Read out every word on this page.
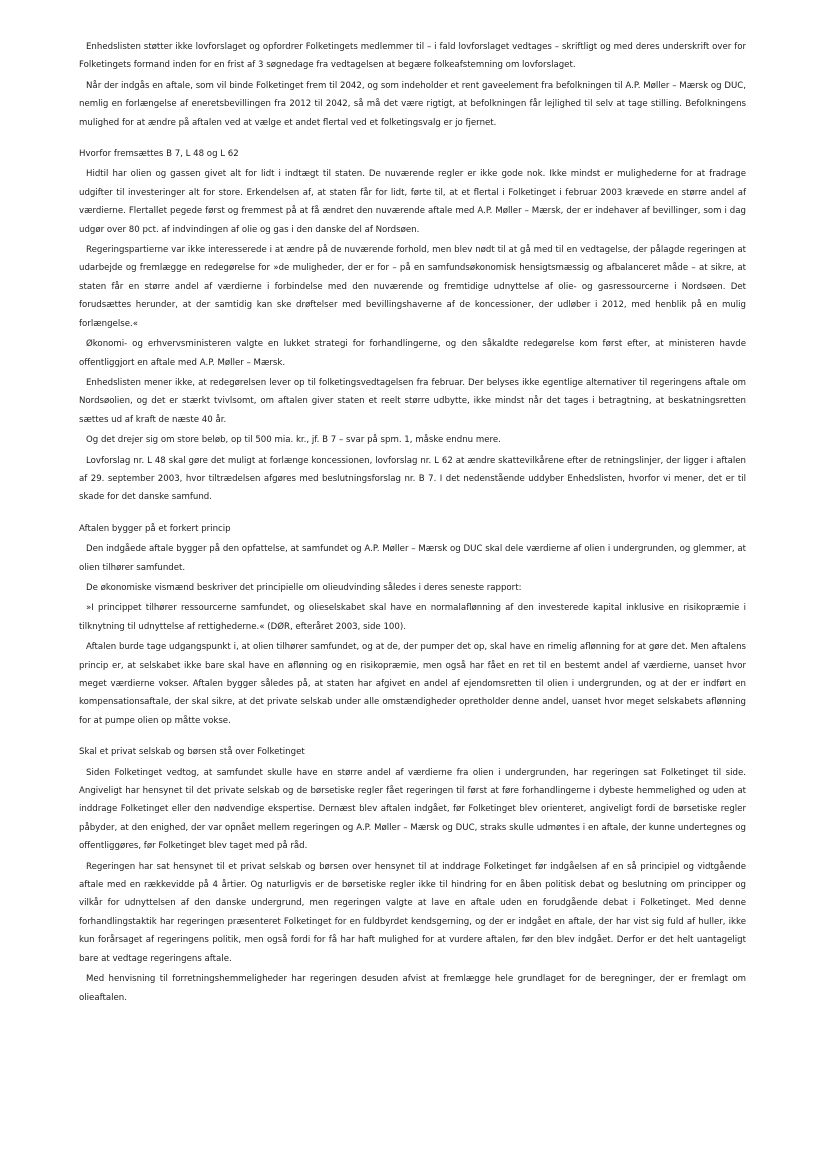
Enhedslisten støtter ikke lovforslaget og opfordrer Folketingets medlemmer til – i fald lovforslaget vedtages – skriftligt og med deres underskrift over for Folketingets formand inden for en frist af 3 søgnedage fra vedtagelsen at begære folkeafstemning om lovforslaget.

Når der indgås en aftale, som vil binde Folketinget frem til 2042, og som indeholder et rent gaveelement fra befolkningen til A.P. Møller – Mærsk og DUC, nemlig en forlængelse af eneretsbevillingen fra 2012 til 2042, så må det være rigtigt, at befolkningen får lejlighed til selv at tage stilling. Befolkningens mulighed for at ændre på aftalen ved at vælge et andet flertal ved et folketingsvalg er jo fjernet.

Hvorfor fremsættes B 7, L 48 og L 62

Hidtil har olien og gassen givet alt for lidt i indtægt til staten. De nuværende regler er ikke gode nok. Ikke mindst er mulighederne for at fradrage udgifter til investeringer alt for store. Erkendelsen af, at staten får for lidt, førte til, at et flertal i Folketinget i februar 2003 krævede en større andel af værdierne. Flertallet pegede først og fremmest på at få ændret den nuværende aftale med A.P. Møller – Mærsk, der er indehaver af bevillinger, som i dag udgør over 80 pct. af indvindingen af olie og gas i den danske del af Nordsøen.

Regeringspartierne var ikke interesserede i at ændre på de nuværende forhold, men blev nødt til at gå med til en vedtagelse, der pålagde regeringen at udarbejde og fremlægge en redegørelse for »de muligheder, der er for – på en samfundsøkonomisk hensigtsmæssig og afbalanceret måde – at sikre, at staten får en større andel af værdierne i forbindelse med den nuværende og fremtidige udnyttelse af olie- og gasressourcerne i Nordsøen. Det forudsættes herunder, at der samtidig kan ske drøftelser med bevillingshaverne af de koncessioner, der udløber i 2012, med henblik på en mulig forlængelse.«

Økonomi- og erhvervsministeren valgte en lukket strategi for forhandlingerne, og den såkaldte redegørelse kom først efter, at ministeren havde offentliggjort en aftale med A.P. Møller – Mærsk.

Enhedslisten mener ikke, at redegørelsen lever op til folketingsvedtagelsen fra februar. Der belyses ikke egentlige alternativer til regeringens aftale om Nordsøolien, og det er stærkt tvivlsomt, om aftalen giver staten et reelt større udbytte, ikke mindst når det tages i betragtning, at beskatningsretten sættes ud af kraft de næste 40 år.

Og det drejer sig om store beløb, op til 500 mia. kr., jf. B 7 – svar på spm. 1, måske endnu mere.

Lovforslag nr. L 48 skal gøre det muligt at forlænge koncessionen, lovforslag nr. L 62 at ændre skattevilkårene efter de retningslinjer, der ligger i aftalen af 29. september 2003, hvor tiltrædelsen afgøres med beslutningsforslag nr. B 7. I det nedenstående uddyber Enhedslisten, hvorfor vi mener, det er til skade for det danske samfund.

Aftalen bygger på et forkert princip

Den indgåede aftale bygger på den opfattelse, at samfundet og A.P. Møller – Mærsk og DUC skal dele værdierne af olien i undergrunden, og glemmer, at olien tilhører samfundet.

De økonomiske vismænd beskriver det principielle om olieudvinding således i deres seneste rapport:

»I princippet tilhører ressourcerne samfundet, og olieselskabet skal have en normalaflønning af den investerede kapital inklusive en risikopræmie i tilknytning til udnyttelse af rettighederne.« (DØR, efteråret 2003, side 100).

Aftalen burde tage udgangspunkt i, at olien tilhører samfundet, og at de, der pumper det op, skal have en rimelig aflønning for at gøre det. Men aftalens princip er, at selskabet ikke bare skal have en aflønning og en risikopræmie, men også har fået en ret til en bestemt andel af værdierne, uanset hvor meget værdierne vokser. Aftalen bygger således på, at staten har afgivet en andel af ejendomsretten til olien i undergrunden, og at der er indført en kompensationsaftale, der skal sikre, at det private selskab under alle omstændigheder opretholder denne andel, uanset hvor meget selskabets aflønning for at pumpe olien op måtte vokse.

Skal et privat selskab og børsen stå over Folketinget

Siden Folketinget vedtog, at samfundet skulle have en større andel af værdierne fra olien i undergrunden, har regeringen sat Folketinget til side. Angiveligt har hensynet til det private selskab og de børsetiske regler fået regeringen til først at føre forhandlingerne i dybeste hemmelighed og uden at inddrage Folketinget eller den nødvendige ekspertise. Dernæst blev aftalen indgået, før Folketinget blev orienteret, angiveligt fordi de børsetiske regler påbyder, at den enighed, der var opnået mellem regeringen og A.P. Møller – Mærsk og DUC, straks skulle udmøntes i en aftale, der kunne undertegnes og offentliggøres, før Folketinget blev taget med på råd.

Regeringen har sat hensynet til et privat selskab og børsen over hensynet til at inddrage Folketinget før indgåelsen af en så principiel og vidtgående aftale med en rækkevidde på 4 årtier. Og naturligvis er de børsetiske regler ikke til hindring for en åben politisk debat og beslutning om principper og vilkår for udnyttelsen af den danske undergrund, men regeringen valgte at lave en aftale uden en forudgående debat i Folketinget. Med denne forhandlingstaktik har regeringen præsenteret Folketinget for en fuldbyrdet kendsgerning, og der er indgået en aftale, der har vist sig fuld af huller, ikke kun forårsaget af regeringens politik, men også fordi for få har haft mulighed for at vurdere aftalen, før den blev indgået. Derfor er det helt uantageligt bare at vedtage regeringens aftale.

Med henvisning til forretningshemmeligheder har regeringen desuden afvist at fremlægge hele grundlaget for de beregninger, der er fremlagt om olieaftalen.
